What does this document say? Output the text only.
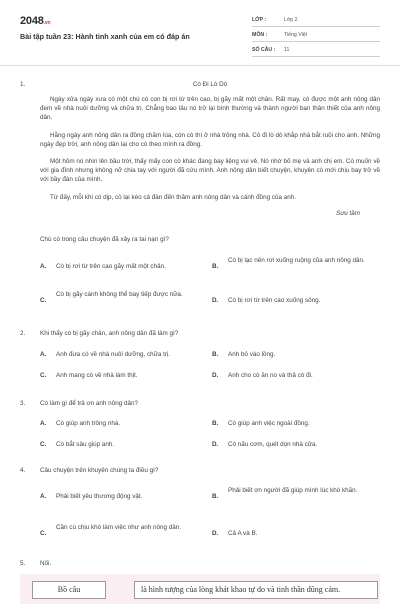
2048.vn
Bài tập tuần 23: Hành tinh xanh của em có đáp án
LỚP :	Lớp 2
MÔN :	Tiếng Việt
SỐ CÂU : 11
1.	Cò Đi Lò Dò
Ngày xửa ngày xưa có một chú cò con bị rơi từ trên cao, bị gãy mất một chân. Rất may, cò được một anh nông dân đem về nhà nuôi dưỡng và chữa trị. Chẳng bao lâu nó trở lại bình thường và thành người bạn thân thiết của anh nông dân.
Hằng ngày anh nông dân ra đồng chăm lúa, còn cò thì ở nhà trông nhà. Cò đi lò dò khắp nhà bắt ruồi cho anh. Những ngày đẹp trời, anh nông dân lại cho cò theo mình ra đồng.
Một hôm nó nhìn lên bầu trời, thấy mấy con cò khác đang bay liệng vui vẻ. Nó nhớ bố mẹ và anh chị em. Cò muốn về với gia đình nhưng không nỡ chia tay với người đã cứu mình. Anh nông dân biết chuyện, khuyên cò mới chịu bay trở về với bầy đàn của mình.
Từ đấy, mỗi khi có dịp, cò lại kéo cả đàn đến thăm anh nông dân và cánh đồng của anh.
Sưu tầm
Chú cò trong câu chuyện đã xảy ra tai nạn gì?
A. Cò bị rơi từ trên cao gãy mất một chân.	B.
Cò bị lạc nên rơi xuống ruộng của anh nông dân.
C.
Cò bị gãy cánh không thể bay tiếp được nữa.
D. Cò bị rơi từ trên cao xuống sông.
2. Khi thấy cò bị gãy chân, anh nông dân đã làm gì?
A. Anh đưa cò về nhà nuôi dưỡng, chữa trị.	B. Anh bỏ vào lồng.
C. Anh mang cò về nhà làm thịt.	D. Anh cho cò ăn no và thả cò đi.
3. Cò làm gì để trả ơn anh nông dân?
A. Cò giúp anh trông nhà.	B. Cò giúp anh việc ngoài đồng.
C. Cò bắt sâu giúp anh.	D. Cò nấu cơm, quét dọn nhà cửa.
4. Câu chuyện trên khuyên chúng ta điều gì?
A. Phải biết yêu thương động vật.	B.
Phải biết ơn người đã giúp mình lúc khó khăn.
C.
Cần cù chịu khó làm việc như anh nông dân.
D. Cả A và B.
5. Nối.
Bồ câu	là hình tượng của lòng khát khao tự do và tinh thần dũng cảm.
